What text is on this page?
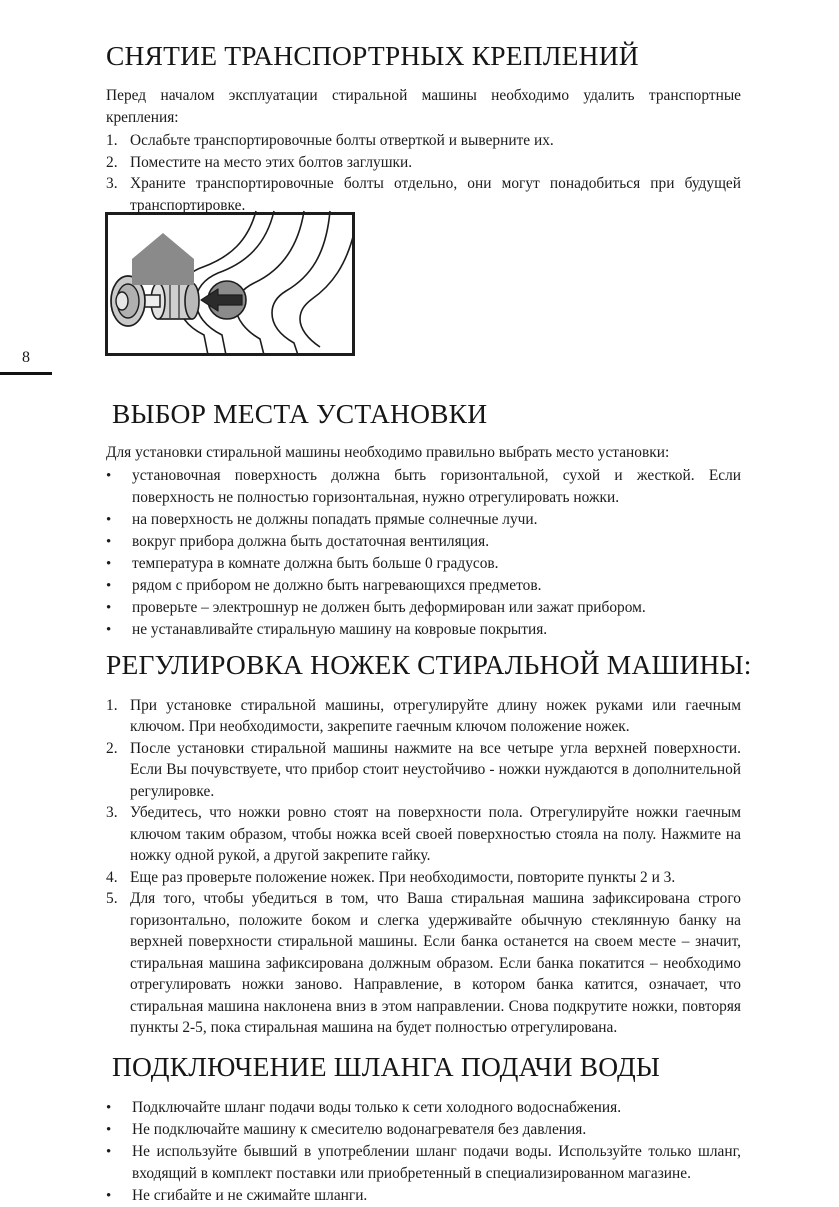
8
СНЯТИЕ ТРАНСПОРТРНЫХ КРЕПЛЕНИЙ

Перед началом эксплуатации стиральной машины необходимо удалить транспортные крепления:

1. Ослабьте транспортировочные болты отверткой и выверните их.
2. Поместите на место этих болтов заглушки.
3. Храните транспортировочные болты отдельно, они могут понадобиться при будущей транспортировке.
ВЫБОР МЕСТА УСТАНОВКИ

Для установки стиральной машины необходимо правильно выбрать место установки:

•	установочная поверхность должна быть горизонтальной, сухой и жесткой. Если поверхность не полностью горизонтальная, нужно отрегулировать ножки.
•	на поверхность не должны попадать прямые солнечные лучи.
•	вокруг прибора должна быть достаточная вентиляция.
•	температура в комнате должна быть больше 0 градусов.
•	рядом с прибором не должно быть нагревающихся предметов.
•	проверьте – электрошнур не должен быть деформирован или зажат прибором.
•	не устанавливайте стиральную машину на ковровые покрытия.
РЕГУЛИРОВКА НОЖЕК СТИРАЛЬНОЙ МАШИНЫ:
1. При установке стиральной машины, отрегулируйте длину ножек руками или гаечным ключом. При необходимости, закрепите гаечным ключом положение ножек.
2. После установки стиральной машины нажмите на все четыре угла верхней поверхности. Если Вы почувствуете, что прибор стоит неустойчиво - ножки нуждаются в дополнительной регулировке.
3. Убедитесь, что ножки ровно стоят на поверхности пола. Отрегулируйте ножки гаечным ключом таким образом, чтобы ножка всей своей поверхностью стояла на полу. Нажмите на ножку одной рукой, а другой закрепите гайку.
4. Еще раз проверьте положение ножек. При необходимости, повторите пункты 2 и 3.
5. Для того, чтобы убедиться в том, что Ваша стиральная машина зафиксирована строго горизонтально, положите боком и слегка удерживайте обычную стеклянную банку на верхней поверхности стиральной машины. Если банка останется на своем месте – значит, стиральная машина зафиксирована должным образом. Если банка покатится – необходимо отрегулировать ножки заново. Направление, в котором банка катится, означает, что стиральная машина наклонена вниз в этом направлении. Снова подкрутите ножки, повторяя пункты 2-5, пока стиральная машина на будет полностью отрегулирована.
ПОДКЛЮЧЕНИЕ ШЛАНГА ПОДАЧИ ВОДЫ
•	Подключайте шланг подачи воды только к сети холодного водоснабжения.
•	Не подключайте машину к смесителю водонагревателя без давления.
•	Не используйте бывший в употреблении шланг подачи воды. Используйте только шланг, входящий в комплект поставки или приобретенный в специализированном магазине.
•	Не сгибайте и не сжимайте шланги.
